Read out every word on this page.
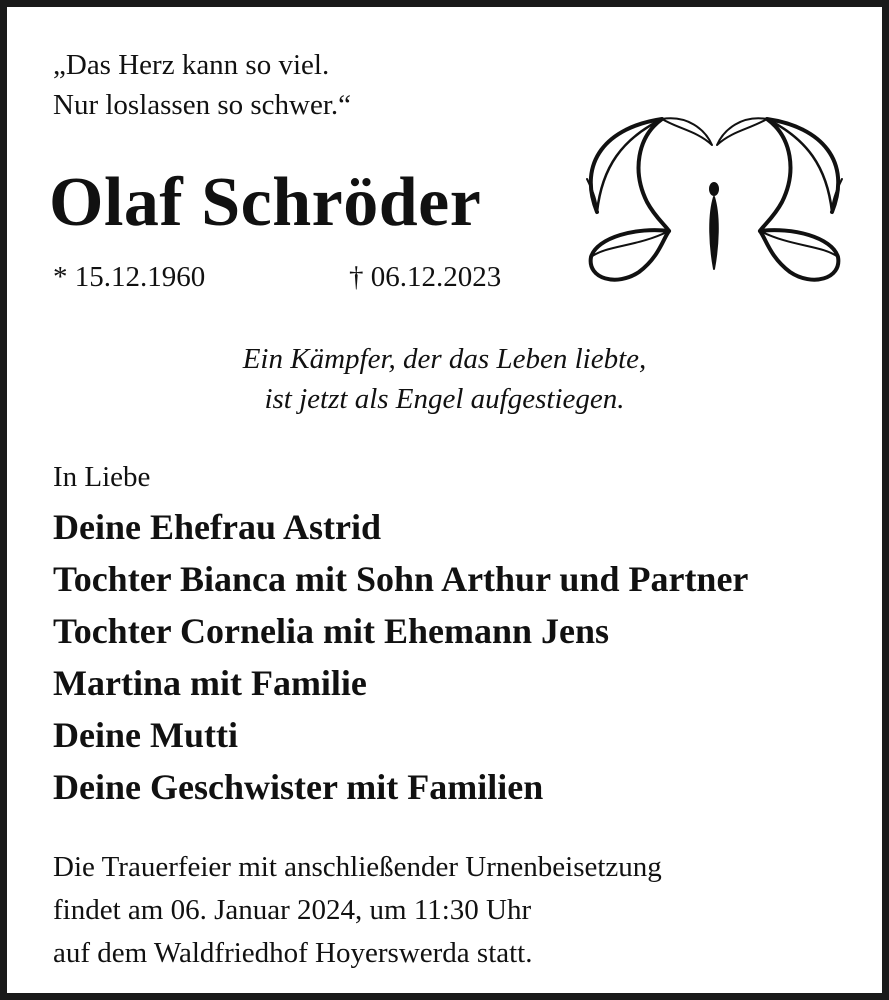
„Das Herz kann so viel.
Nur loslassen so schwer.“
Olaf Schröder
* 15.12.1960	† 06.12.2023
Ein Kämpfer, der das Leben liebte,
ist jetzt als Engel aufgestiegen.
In Liebe
Deine Ehefrau Astrid
Tochter Bianca mit Sohn Arthur und Partner
Tochter Cornelia mit Ehemann Jens
Martina mit Familie
Deine Mutti
Deine Geschwister mit Familien
Die Trauerfeier mit anschließender Urnenbeisetzung
findet am 06. Januar 2024, um 11:30 Uhr
auf dem Waldfriedhof Hoyerswerda statt.
